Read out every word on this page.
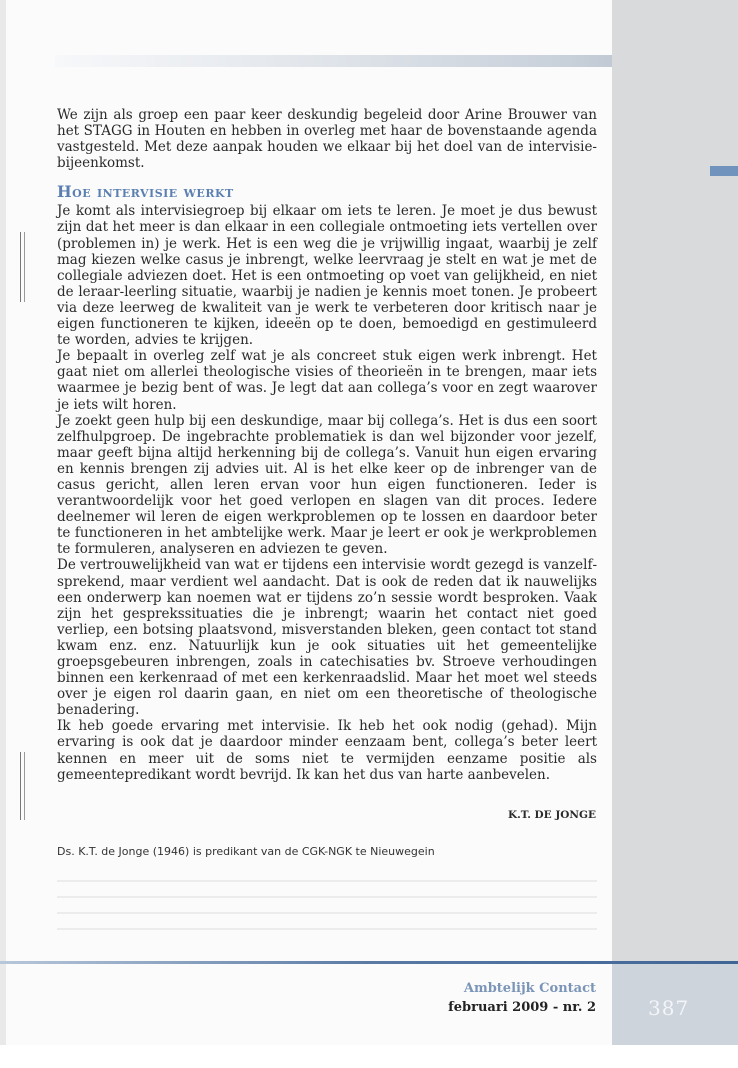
We zijn als groep een paar keer deskundig begeleid door Arine Brouwer van het STAGG in Houten en hebben in overleg met haar de bovenstaande agenda vastgesteld. Met deze aanpak houden we elkaar bij het doel van de intervisie-bijeenkomst.

Hoe intervisie werkt

Je komt als intervisiegroep bij elkaar om iets te leren. Je moet je dus bewust zijn dat het meer is dan elkaar in een collegiale ontmoeting iets vertellen over (problemen in) je werk. Het is een weg die je vrijwillig ingaat, waarbij je zelf mag kiezen welke casus je inbrengt, welke leervraag je stelt en wat je met de collegiale adviezen doet. Het is een ontmoeting op voet van gelijkheid, en niet de leraar-leerling situatie, waarbij je nadien je kennis moet tonen. Je probeert via deze leerweg de kwaliteit van je werk te verbeteren door kritisch naar je eigen functioneren te kijken, ideeën op te doen, bemoedigd en gestimuleerd te worden, advies te krijgen.

Je bepaalt in overleg zelf wat je als concreet stuk eigen werk inbrengt. Het gaat niet om allerlei theologische visies of theorieën in te brengen, maar iets waarmee je bezig bent of was. Je legt dat aan collega’s voor en zegt waarover je iets wilt horen.

Je zoekt geen hulp bij een deskundige, maar bij collega’s. Het is dus een soort zelfhulpgroep. De ingebrachte problematiek is dan wel bijzonder voor jezelf, maar geeft bijna altijd herkenning bij de collega’s. Vanuit hun eigen ervaring en kennis brengen zij advies uit. Al is het elke keer op de inbrenger van de casus gericht, allen leren ervan voor hun eigen functioneren. Ieder is verantwoordelijk voor het goed verlopen en slagen van dit proces. Iedere deelnemer wil leren de eigen werkproblemen op te lossen en daardoor beter te functioneren in het ambtelijke werk. Maar je leert er ook je werkproblemen te formuleren, analyseren en adviezen te geven.

De vertrouwelijkheid van wat er tijdens een intervisie wordt gezegd is vanzelfsprekend, maar verdient wel aandacht. Dat is ook de reden dat ik nauwelijks een onderwerp kan noemen wat er tijdens zo’n sessie wordt besproken. Vaak zijn het gesprekssituaties die je inbrengt; waarin het contact niet goed verliep, een botsing plaatsvond, misverstanden bleken, geen contact tot stand kwam enz. enz. Natuurlijk kun je ook situaties uit het gemeentelijke groepsgebeuren inbrengen, zoals in catechisaties bv. Stroeve verhoudingen binnen een kerkenraad of met een kerkenraadslid. Maar het moet wel steeds over je eigen rol daarin gaan, en niet om een theoretische of theologische benadering.

Ik heb goede ervaring met intervisie. Ik heb het ook nodig (gehad). Mijn ervaring is ook dat je daardoor minder eenzaam bent, collega’s beter leert kennen en meer uit de soms niet te vermijden eenzame positie als gemeentepredikant wordt bevrijd. Ik kan het dus van harte aanbevelen.

K.T. DE JONGE
Ds. K.T. de Jonge (1946) is predikant van de CGK-NGK te Nieuwegein
387
Ambtelijk Contact
februari 2009 - nr. 2
